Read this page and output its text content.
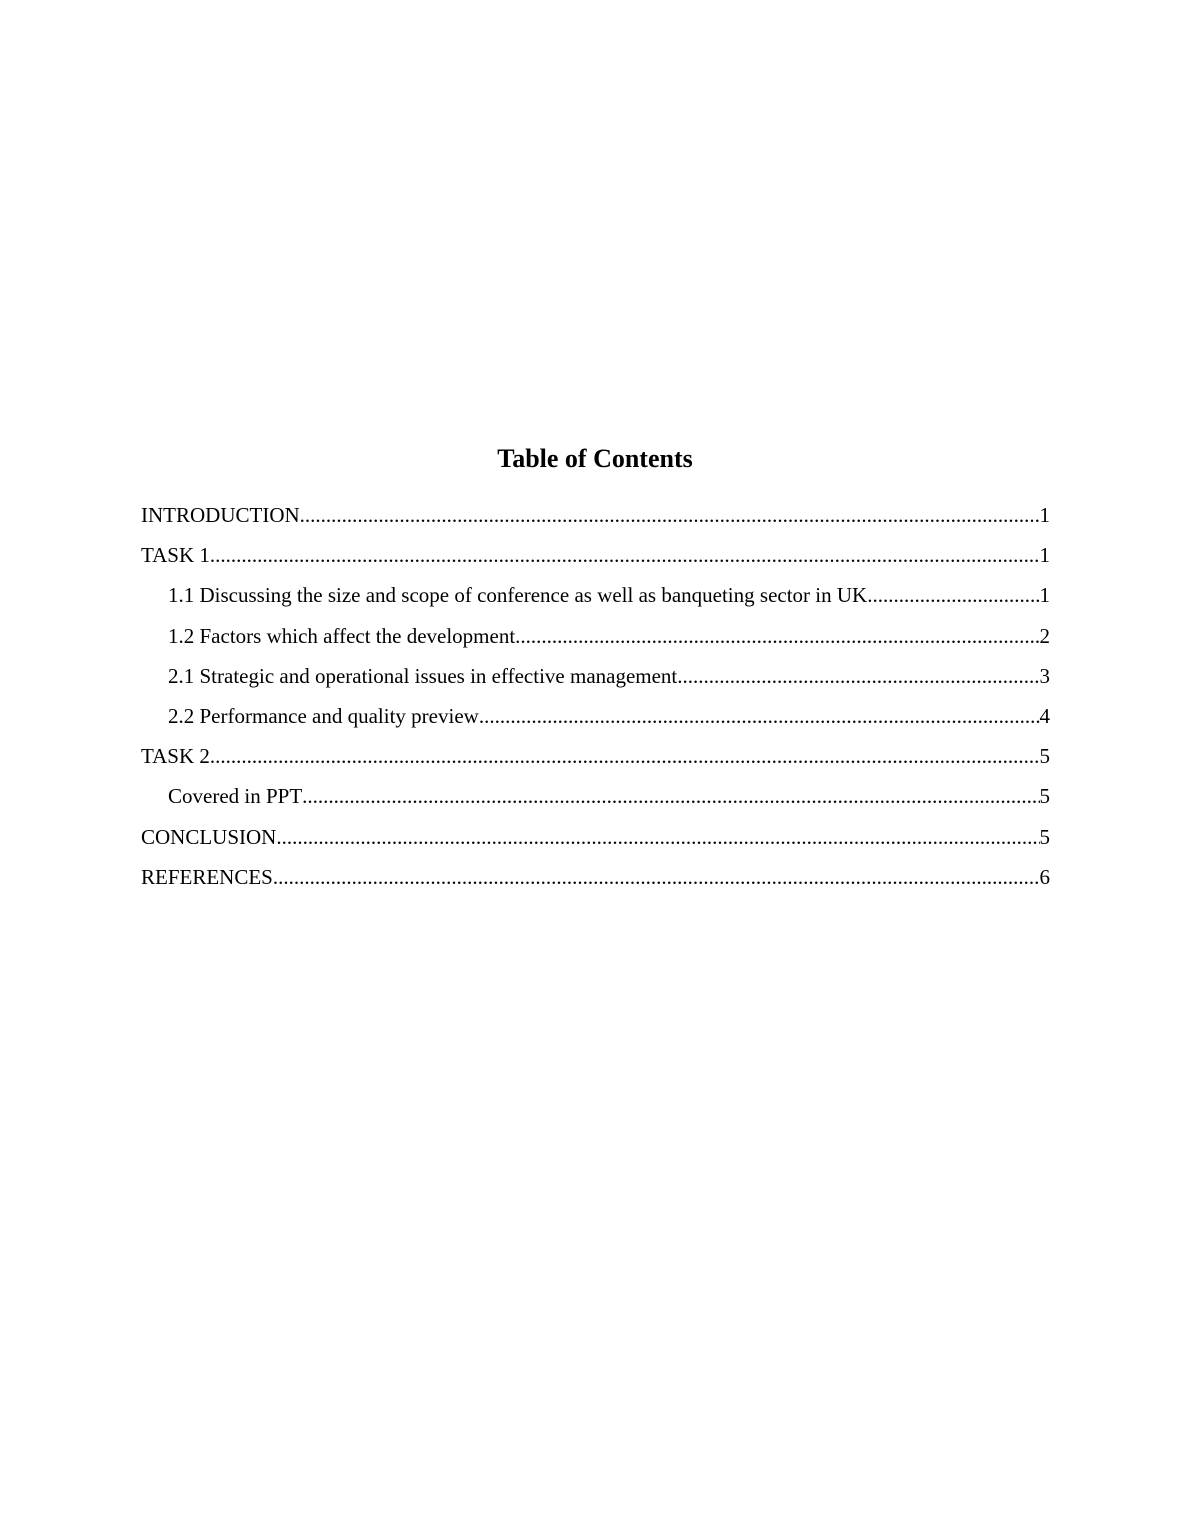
Table of Contents
INTRODUCTION .....	1
TASK 1 .....	1
1.1 Discussing the size and scope of conference as well as banqueting sector in UK. .....	1
1.2 Factors which affect the development .....	2
2.1 Strategic and operational issues in effective management .....	3
2.2 Performance and quality preview .....	4
TASK 2 .....	5
Covered in PPT .....	5
CONCLUSION .....	5
REFERENCES .....	6
